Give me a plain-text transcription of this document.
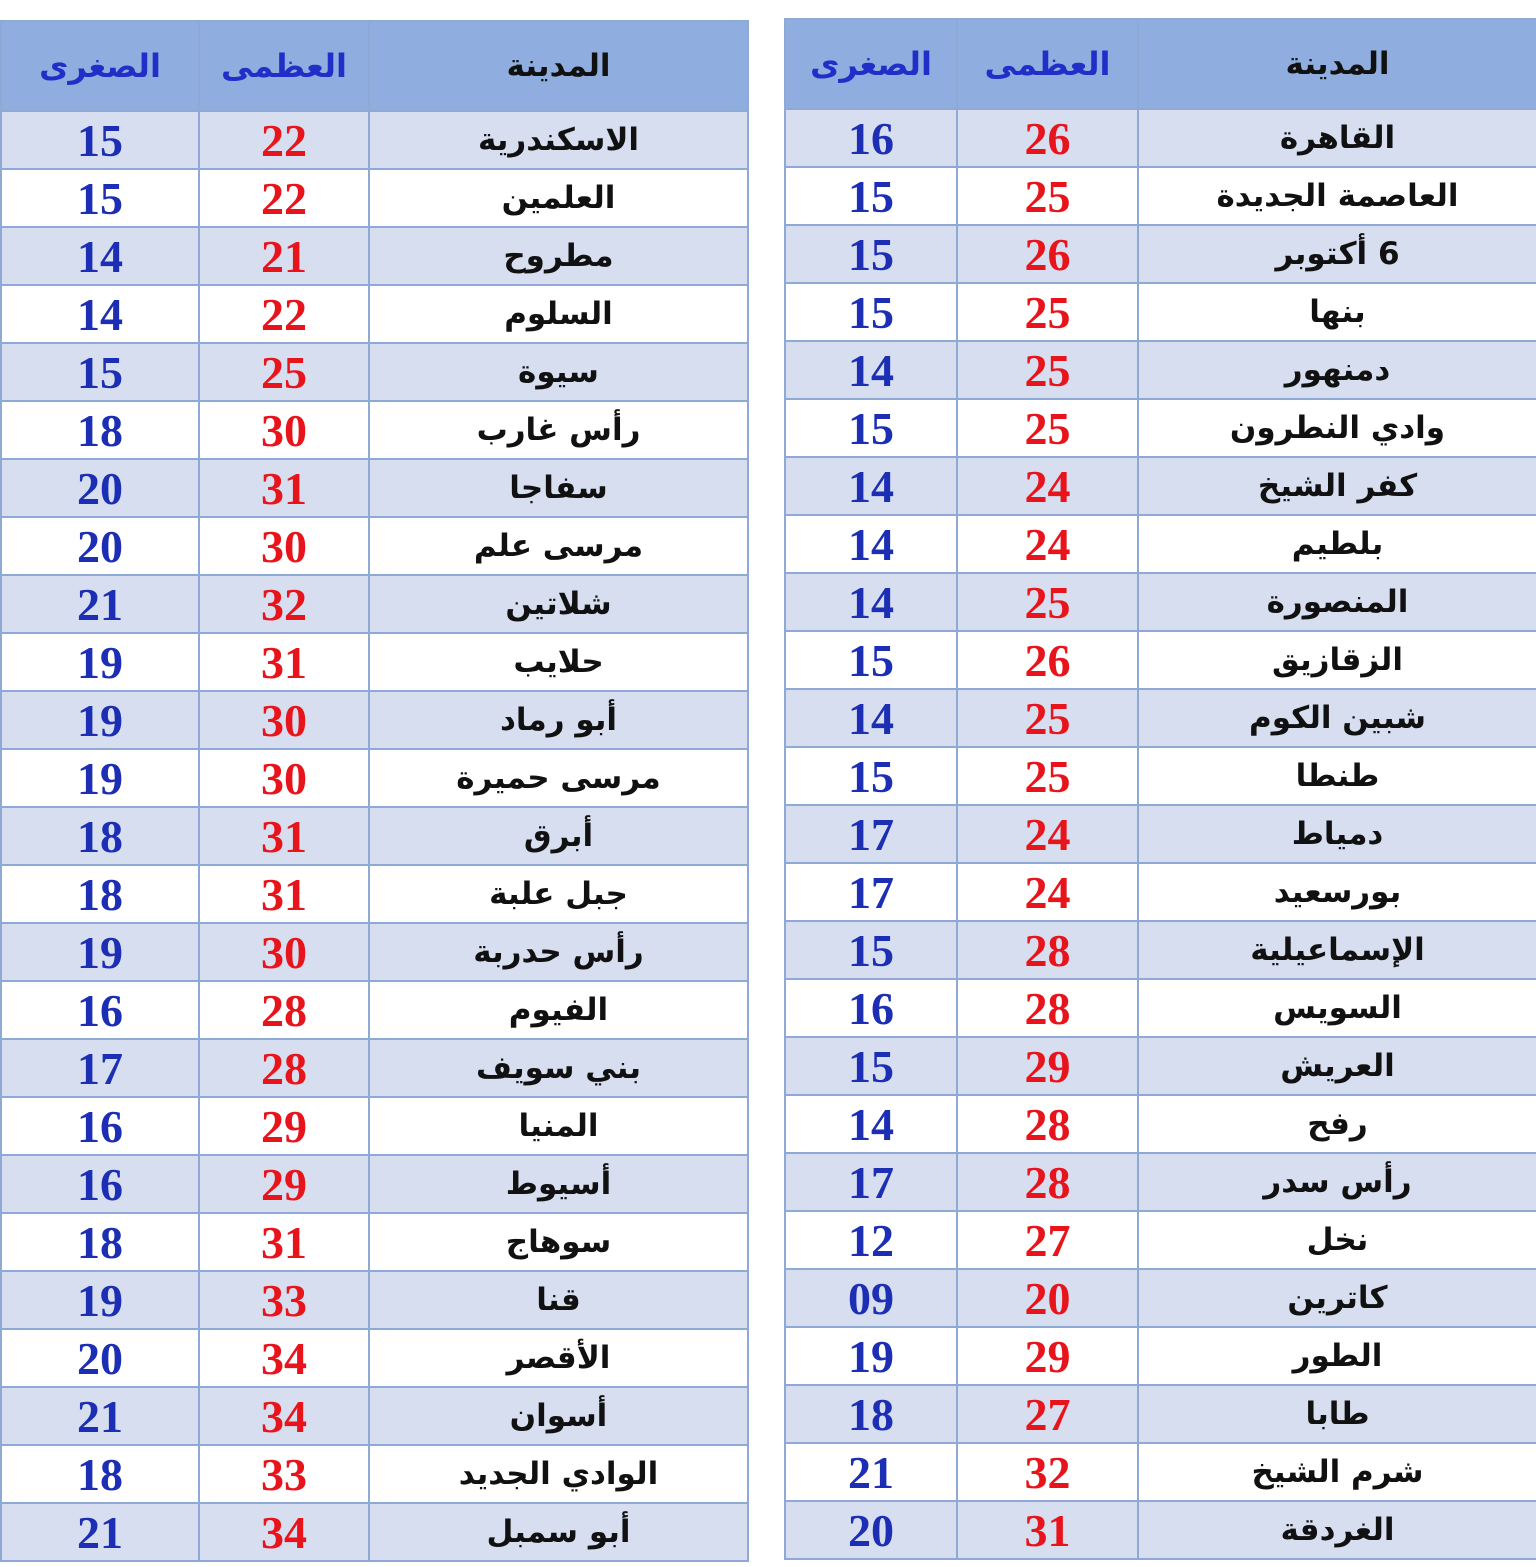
الصغرى	العظمى	المدينة
15	22	الاسكندرية
15	22	العلمين
14	21	مطروح
14	22	السلوم
15	25	سيوة
18	30	رأس غارب
20	31	سفاجا
20	30	مرسى علم
21	32	شلاتين
19	31	حلايب
19	30	أبو رماد
19	30	مرسى حميرة
18	31	أبرق
18	31	جبل علبة
19	30	رأس حدربة
16	28	الفيوم
17	28	بني سويف
16	29	المنيا
16	29	أسيوط
18	31	سوهاج
19	33	قنا
20	34	الأقصر
21	34	أسوان
18	33	الوادي الجديد
21	34	أبو سمبل
الصغرى	العظمى	المدينة
16	26	القاهرة
15	25	العاصمة الجديدة
15	26	6 أكتوبر
15	25	بنها
14	25	دمنهور
15	25	وادي النطرون
14	24	كفر الشيخ
14	24	بلطيم
14	25	المنصورة
15	26	الزقازيق
14	25	شبين الكوم
15	25	طنطا
17	24	دمياط
17	24	بورسعيد
15	28	الإسماعيلية
16	28	السويس
15	29	العريش
14	28	رفح
17	28	رأس سدر
12	27	نخل
09	20	كاترين
19	29	الطور
18	27	طابا
21	32	شرم الشيخ
20	31	الغردقة
